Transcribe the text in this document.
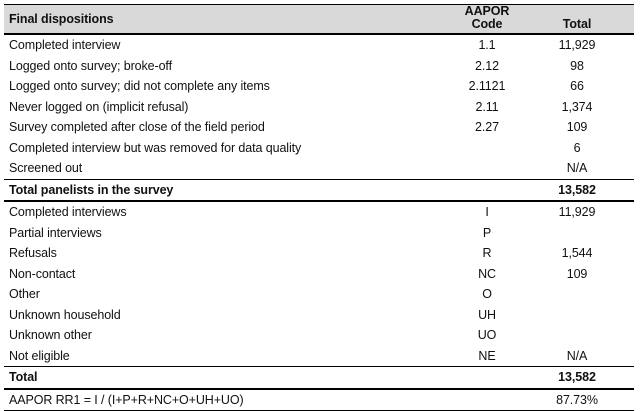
Final dispositions	AAPOR Code	Total
Completed interview	1.1	11,929
Logged onto survey; broke-off	2.12	98
Logged onto survey; did not complete any items	2.1121	66
Never logged on (implicit refusal)	2.11	1,374
Survey completed after close of the field period	2.27	109
Completed interview but was removed for data quality		6
Screened out		N/A
Total panelists in the survey		13,582
Completed interviews	I	11,929
Partial interviews	P	
Refusals	R	1,544
Non-contact	NC	109
Other	O	
Unknown household	UH	
Unknown other	UO	
Not eligible	NE	N/A
Total		13,582
AAPOR RR1 = I / (I+P+R+NC+O+UH+UO)		87.73%
